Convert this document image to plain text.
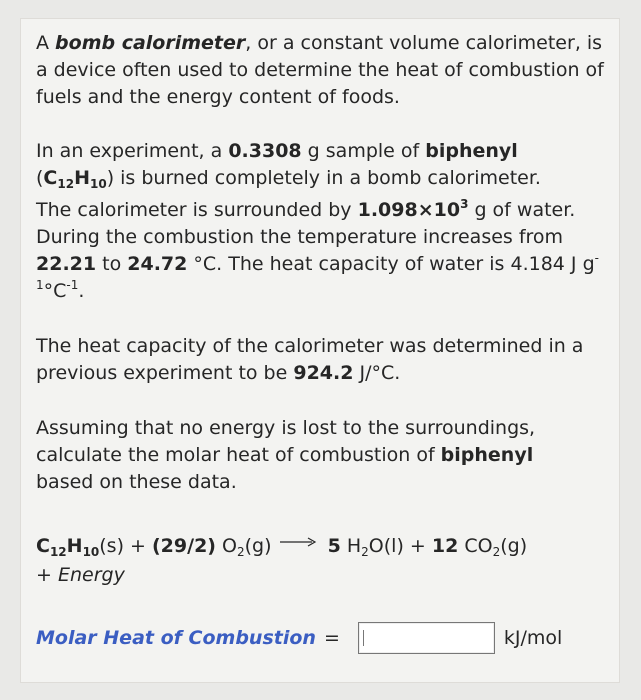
A bomb calorimeter, or a constant volume calorimeter, is a device often used to determine the heat of combustion of fuels and the energy content of foods.

In an experiment, a 0.3308 g sample of biphenyl
$(C_{12}H_{10})$ is burned completely in a bomb calorimeter.

The calorimeter is surrounded by $1.098\times 10^3$ g of water. During the combustion the temperature increases from 22.21 to 24.72 °C. The heat capacity of water is 4.184 J $g^{-1}^\circ C^{-1}$.

The heat capacity of the calorimeter was determined in a previous experiment to be 924.2 J/°C.

Assuming that no energy is lost to the surroundings, calculate the molar heat of combustion of biphenyl
based on these data.

$C_{12}H_{10}(s) + (29/2) O_2(g) \to 5$ $H_2O(l) + 12$ $CO_2(g)$
+ Energy

Molar Heat of Combustion =	kJ/mol
